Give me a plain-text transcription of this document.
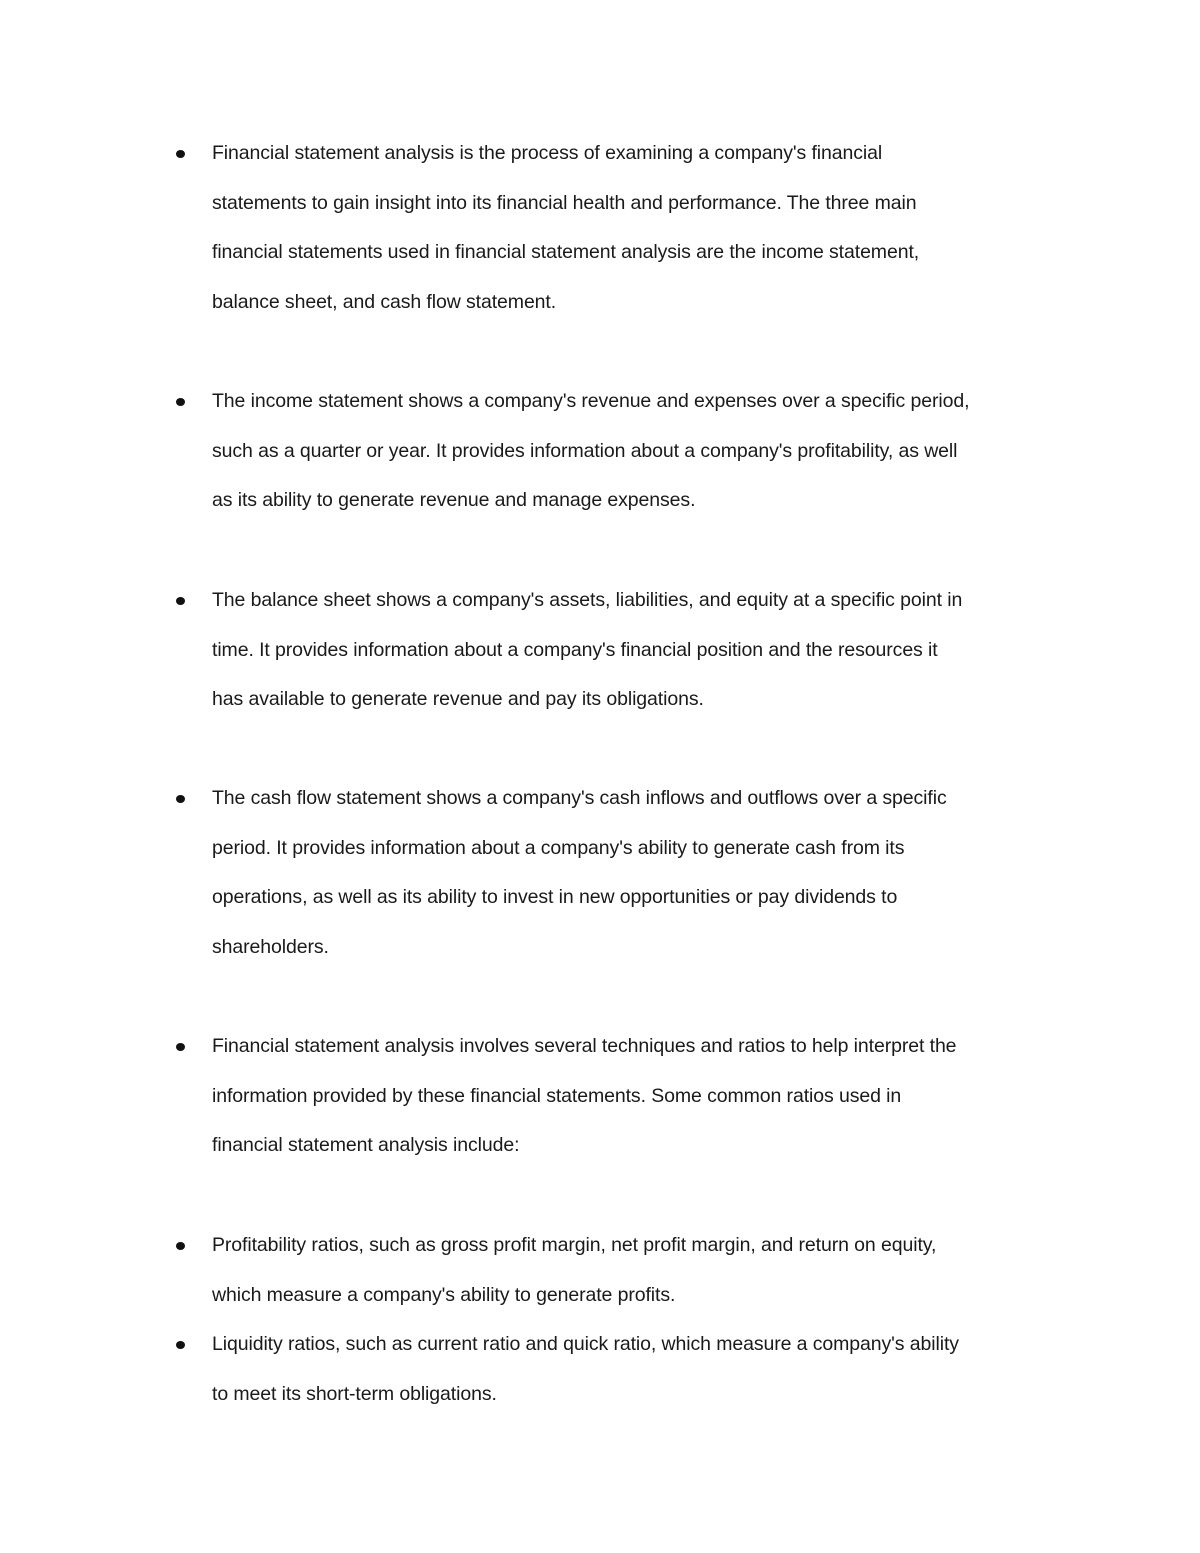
Financial statement analysis is the process of examining a company's financial
statements to gain insight into its financial health and performance. The three main
financial statements used in financial statement analysis are the income statement,
balance sheet, and cash flow statement.
The income statement shows a company's revenue and expenses over a specific period,
such as a quarter or year. It provides information about a company's profitability, as well
as its ability to generate revenue and manage expenses.
The balance sheet shows a company's assets, liabilities, and equity at a specific point in
time. It provides information about a company's financial position and the resources it
has available to generate revenue and pay its obligations.
The cash flow statement shows a company's cash inflows and outflows over a specific
period. It provides information about a company's ability to generate cash from its
operations, as well as its ability to invest in new opportunities or pay dividends to
shareholders.
Financial statement analysis involves several techniques and ratios to help interpret the
information provided by these financial statements. Some common ratios used in
financial statement analysis include:
Profitability ratios, such as gross profit margin, net profit margin, and return on equity,
which measure a company's ability to generate profits.
Liquidity ratios, such as current ratio and quick ratio, which measure a company's ability
to meet its short-term obligations.
